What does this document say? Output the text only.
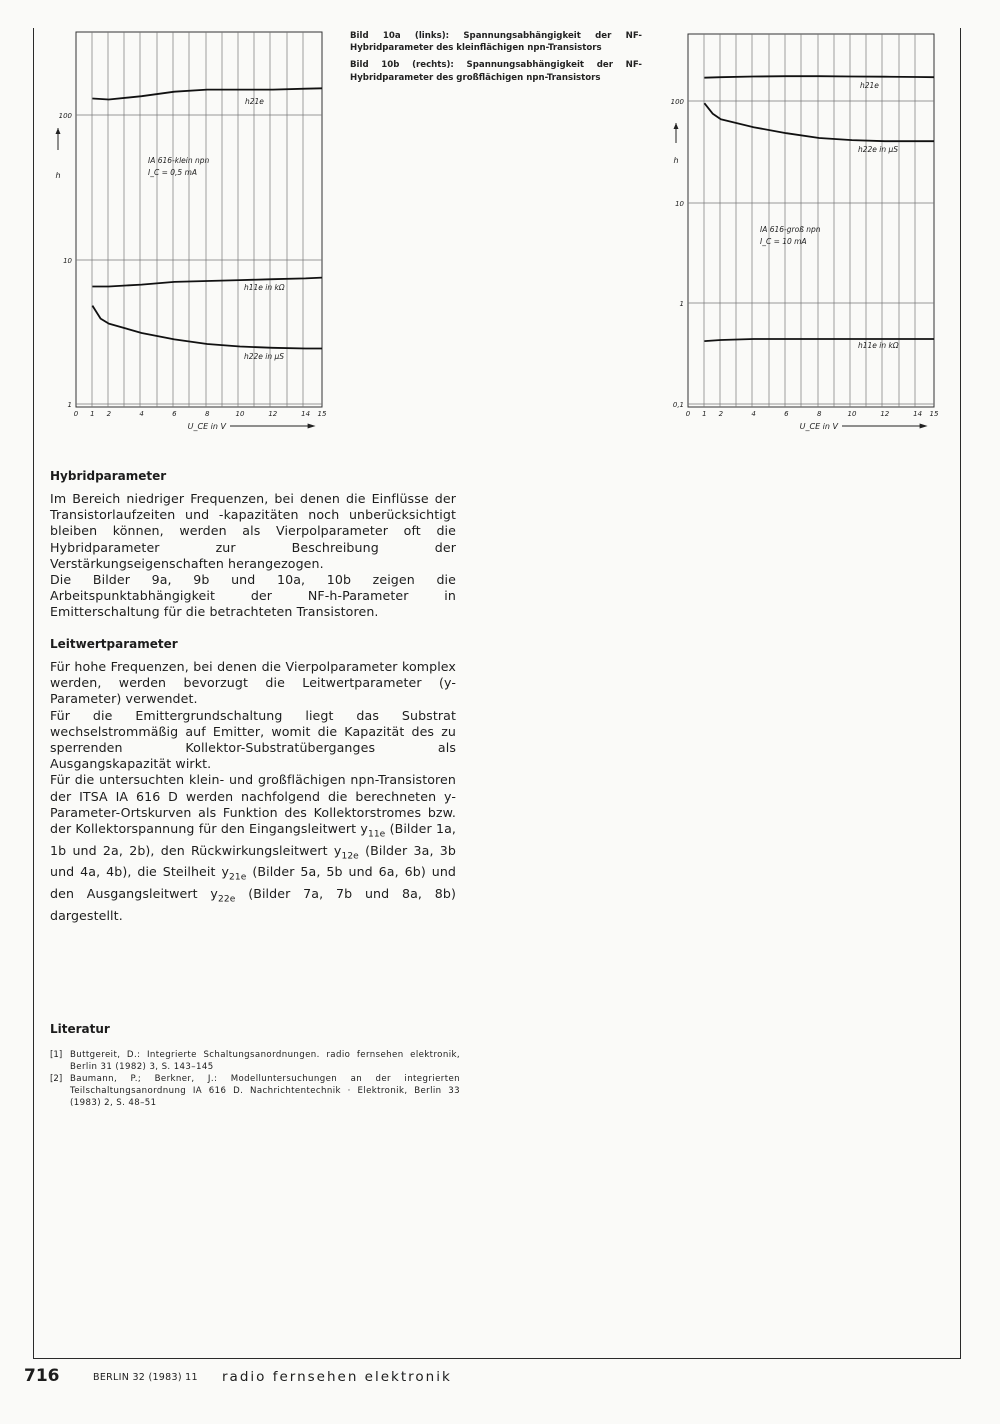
1
10
100
0 1 2	4	6	8	10	12	14 15
h
U_CE in V
IA 616-klein npn
I_C = 0,5 mA
h21e
h11e in kΩ
h22e in µS
0,1
1
10
100
0 1 2	4	6	8	10	12	14 15
h
U_CE in V
IA 616-groß npn
I_C = 10 mA
h21e
h22e in µS
h11e in kΩ

Bild 10a (links): Spannungsabhängigkeit der NF-Hybridparameter des kleinflächigen npn-Transistors

Bild 10b (rechts): Spannungsabhängigkeit der NF-Hybridparameter des großflächigen npn-Transistors

Hybridparameter

Im Bereich niedriger Frequenzen, bei denen die Einflüsse der Transistorlaufzeiten und -kapazitäten noch unberücksichtigt bleiben können, werden als Vierpolparameter oft die Hybridparameter zur Beschreibung der Verstärkungseigenschaften herangezogen.

Die Bilder 9a, 9b und 10a, 10b zeigen die Arbeitspunktabhängigkeit der NF-h-Parameter in Emitterschaltung für die betrachteten Transistoren.

Leitwertparameter

Für hohe Frequenzen, bei denen die Vierpolparameter komplex werden, werden bevorzugt die Leitwertparameter (y-Parameter) verwendet.

Für die Emittergrundschaltung liegt das Substrat wechselstrommäßig auf Emitter, womit die Kapazität des zu sperrenden Kollektor-Substratüberganges als Ausgangskapazität wirkt.

Für die untersuchten klein- und großflächigen npn-Transistoren der ITSA IA 616 D werden nachfolgend die berechneten y-Parameter-Ortskurven als Funktion des Kollektorstromes bzw. der Kollektorspannung für den Eingangsleitwert $y_{11e}$ (Bilder 1a, 1b und 2a, 2b), den Rückwirkungsleitwert $y_{12e}$ (Bilder 3a, 3b und 4a, 4b), die Steilheit $y_{21e}$ (Bilder 5a, 5b und 6a, 6b) und den Ausgangsleitwert $y_{22e}$ (Bilder 7a, 7b und 8a, 8b) dargestellt.

Literatur
[1] Buttgereit, D.: Integrierte Schaltungsanordnungen. radio fernsehen elektronik, Berlin 31 (1982) 3, S. 143–145
[2] Baumann, P.; Berkner, J.: Modelluntersuchungen an der integrierten Teilschaltungsanordnung IA 616 D. Nachrichtentechnik · Elektronik, Berlin 33 (1983) 2, S. 48–51
716	BERLIN 32 (1983) 11 radio fernsehen elektronik
